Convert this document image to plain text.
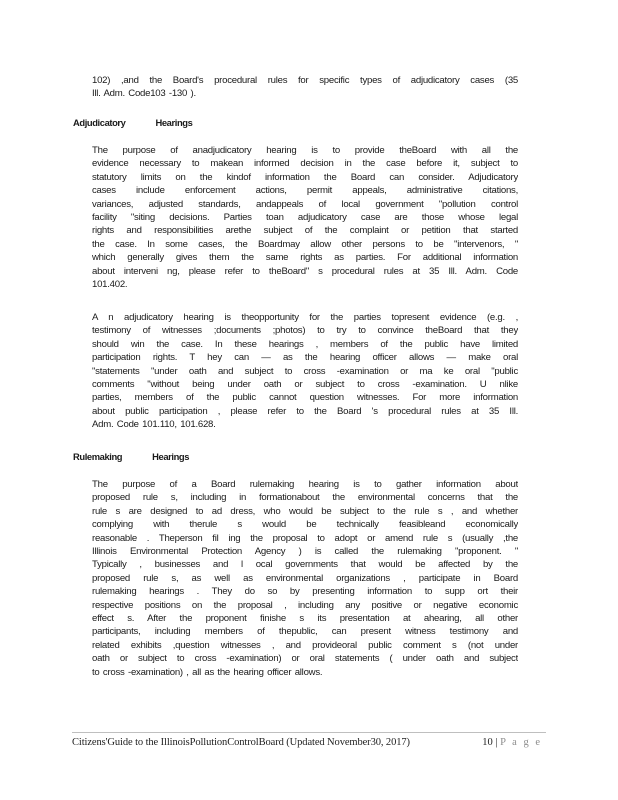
102) ,and the Board's procedural rules for specific types of adjudicatory cases (35
Ill. Adm. Code103 -130 ).
Adjudicatory	Hearings
The purpose of anadjudicatory hearing is to provide theBoard with all the
evidence necessary to makean informed decision in the case before it, subject to
statutory limits on the kindof information the Board can consider. Adjudicatory
cases include enforcement actions, permit appeals, administrative citations,
variances, adjusted standards, andappeals of local government "pollution control
facility "siting decisions. Parties toan adjudicatory case are those whose legal
rights and responsibilities arethe subject of the complaint or petition that started
the case. In some cases, the Boardmay allow other persons to be "intervenors, "
which generally gives them the same rights as parties. For additional information
about interveni ng, please refer to theBoard" s procedural rules at 35 Ill. Adm. Code
101.402.
A n adjudicatory hearing is theopportunity for the parties topresent evidence (e.g. ,
testimony of witnesses ;documents ;photos) to try to convince theBoard that they
should win the case. In these hearings , members of the public have limited
participation rights. T hey can — as the hearing officer allows — make oral
"statements "under oath and subject to cross -examination or ma ke oral "public
comments "without being under oath or subject to cross -examination. U nlike
parties, members of the public cannot question witnesses. For more information
about public participation , please refer to the Board 's procedural rules at 35 Ill.
Adm. Code 101.110, 101.628.
Rulemaking	Hearings
The purpose of a Board rulemaking hearing is to gather information about
proposed rule s, including in formationabout the environmental concerns that the
rule s are designed to ad dress, who would be subject to the rule s , and whether
complying with therule s would be technically feasibleand economically
reasonable . Theperson fil ing the proposal to adopt or amend rule s (usually ,the
Illinois Environmental Protection Agency ) is called the rulemaking "proponent. "
Typically , businesses and l ocal governments that would be affected by the
proposed rule s, as well as environmental organizations , participate in Board
rulemaking hearings . They do so by presenting information to supp ort their
respective positions on the proposal , including any positive or negative economic
effect s. After the proponent finishe s its presentation at ahearing, all other
participants, including members of thepublic, can present witness testimony and
related exhibits ,question witnesses , and provideoral public comment s (not under
oath or subject to cross -examination) or oral statements ( under oath and subject
to cross -examination) , all as the hearing officer allows.
Citizens'Guide to the IllinoisPollutionControlBoard (Updated November30, 2017)	10 | P a g e
